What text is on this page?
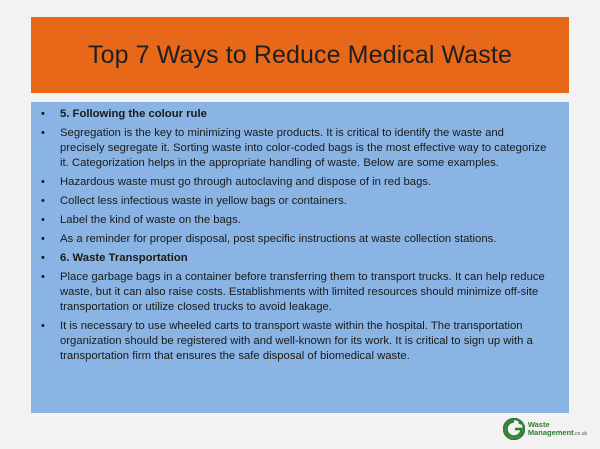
Top 7 Ways to Reduce Medical Waste
• 5. Following the colour rule
• Segregation is the key to minimizing waste products. It is critical to identify the waste and precisely segregate it. Sorting waste into color-coded bags is the most effective way to categorize it. Categorization helps in the appropriate handling of waste. Below are some examples.
• Hazardous waste must go through autoclaving and dispose of in red bags.
• Collect less infectious waste in yellow bags or containers.
• Label the kind of waste on the bags.
• As a reminder for proper disposal, post specific instructions at waste collection stations.
• 6. Waste Transportation
• Place garbage bags in a container before transferring them to transport trucks. It can help reduce waste, but it can also raise costs. Establishments with limited resources should minimize off-site transportation or utilize closed trucks to avoid leakage.
• It is necessary to use wheeled carts to transport waste within the hospital. The transportation organization should be registered with and well-known for its work. It is critical to sign up with a transportation firm that ensures the safe disposal of biomedical waste.
Waste
Management.co.uk
